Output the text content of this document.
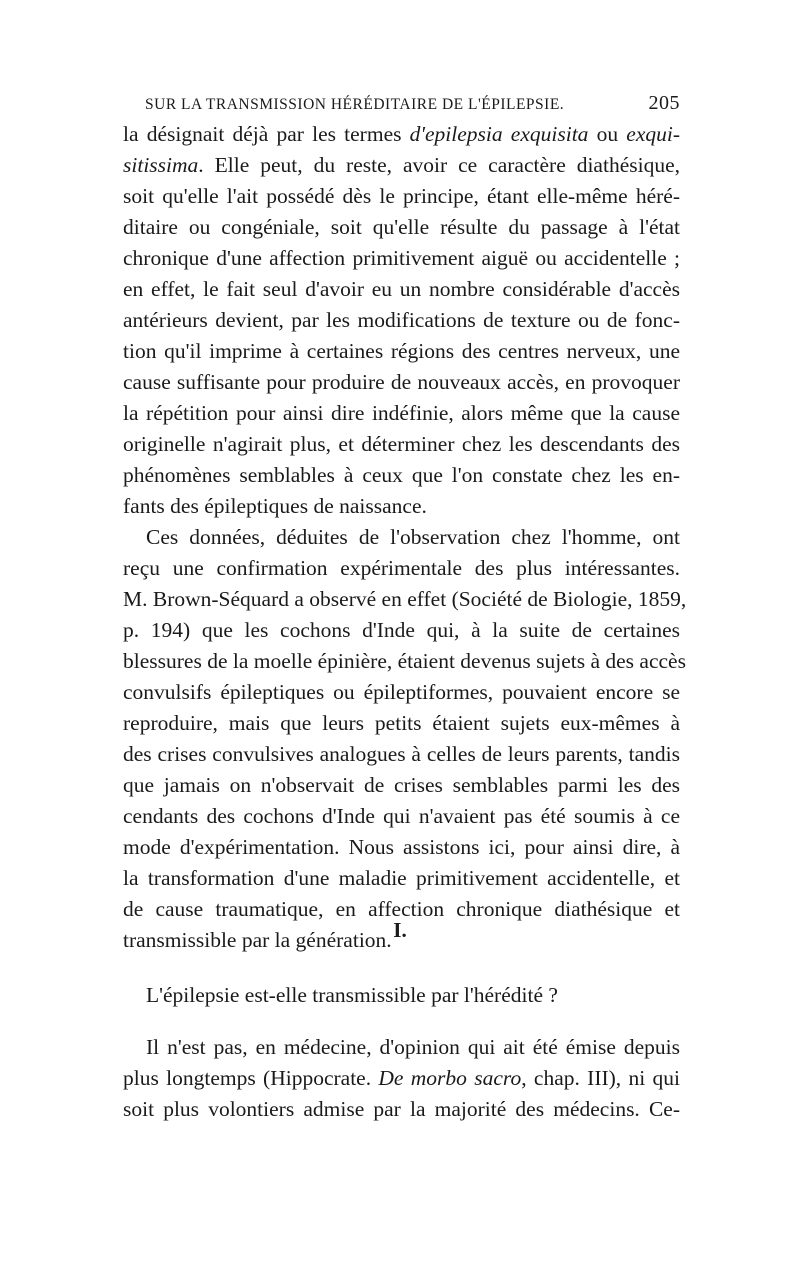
SUR LA TRANSMISSION HÉRÉDITAIRE DE L'ÉPILEPSIE.	205

la désignait déjà par les termes d'epilepsia exquisita ou exqui-
sitissima. Elle peut, du reste, avoir ce caractère diathésique,
soit qu'elle l'ait possédé dès le principe, étant elle-même héré-
ditaire ou congéniale, soit qu'elle résulte du passage à l'état
chronique d'une affection primitivement aiguë ou accidentelle ;
en effet, le fait seul d'avoir eu un nombre considérable d'accès
antérieurs devient, par les modifications de texture ou de fonc-
tion qu'il imprime à certaines régions des centres nerveux, une
cause suffisante pour produire de nouveaux accès, en provoquer
la répétition pour ainsi dire indéfinie, alors même que la cause
originelle n'agirait plus, et déterminer chez les descendants des
phénomènes semblables à ceux que l'on constate chez les en-
fants des épileptiques de naissance.

Ces données, déduites de l'observation chez l'homme, ont
reçu une confirmation expérimentale des plus intéressantes.
M. Brown-Séquard a observé en effet (Société de Biologie, 1859,
p. 194) que les cochons d'Inde qui, à la suite de certaines
blessures de la moelle épinière, étaient devenus sujets à des accès
convulsifs épileptiques ou épileptiformes, pouvaient encore se
reproduire, mais que leurs petits étaient sujets eux-mêmes à
des crises convulsives analogues à celles de leurs parents, tandis
que jamais on n'observait de crises semblables parmi les des
cendants des cochons d'Inde qui n'avaient pas été soumis à ce
mode d'expérimentation. Nous assistons ici, pour ainsi dire, à
la transformation d'une maladie primitivement accidentelle, et
de cause traumatique, en affection chronique diathésique et
transmissible par la génération. I.

L'épilepsie est-elle transmissible par l'hérédité ?

Il n'est pas, en médecine, d'opinion qui ait été émise depuis
plus longtemps (Hippocrate. De morbo sacro, chap. III), ni qui
soit plus volontiers admise par la majorité des médecins. Ce-
